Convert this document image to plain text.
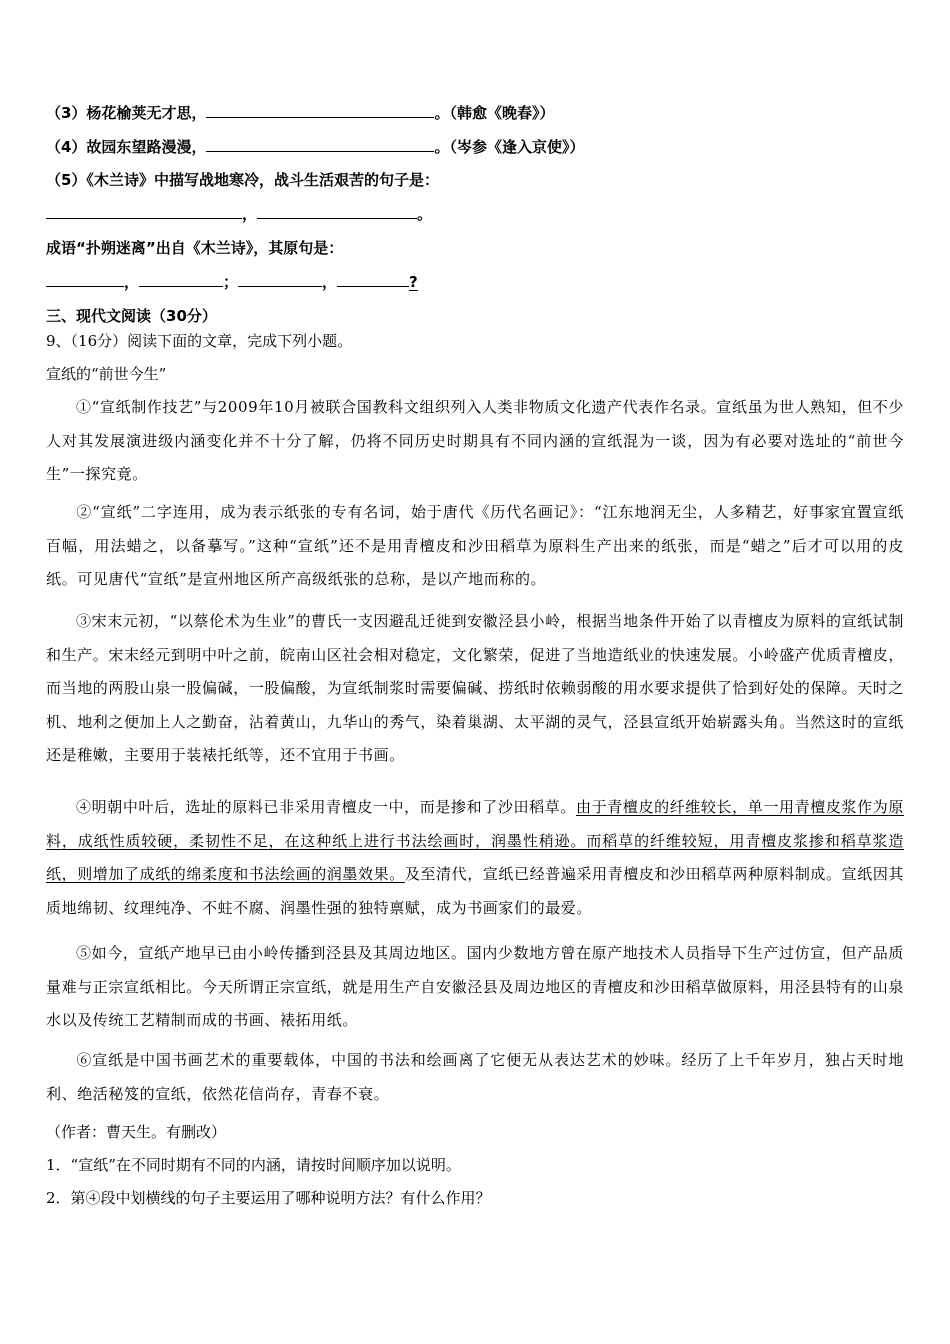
（3）杨花榆荚无才思，	。（韩愈《晚春》）
（4）故园东望路漫漫，	。（岑参《逢入京使》）
（5）《木兰诗》中描写战地寒冷，战斗生活艰苦的句子是：
，	。
成语“扑朔迷离”出自《木兰诗》，其原句是：
，	；	，	?
三、现代文阅读（30分）
9、（16分）阅读下面的文章，完成下列小题。
宣纸的“前世今生”
①“宣纸制作技艺”与2009年10月被联合国教科文组织列入人类非物质文化遗产代表作名录。宣纸虽为世人熟知，但不少人对其发展演进级内涵变化并不十分了解，仍将不同历史时期具有不同内涵的宣纸混为一谈，因为有必要对选址的“前世今生”一探究竟。
②“宣纸”二字连用，成为表示纸张的专有名词，始于唐代《历代名画记》：“江东地润无尘，人多精艺，好事家宜置宣纸百幅，用法蜡之，以备摹写。”这种“宣纸”还不是用青檀皮和沙田稻草为原料生产出来的纸张，而是“蜡之”后才可以用的皮纸。可见唐代“宣纸”是宣州地区所产高级纸张的总称，是以产地而称的。
③宋末元初，“以蔡伦术为生业”的曹氏一支因避乱迁徙到安徽泾县小岭，根据当地条件开始了以青檀皮为原料的宣纸试制和生产。宋末经元到明中叶之前，皖南山区社会相对稳定，文化繁荣，促进了当地造纸业的快速发展。小岭盛产优质青檀皮，而当地的两股山泉一股偏碱，一股偏酸，为宣纸制浆时需要偏碱、捞纸时依赖弱酸的用水要求提供了恰到好处的保障。天时之机、地利之便加上人之勤奋，沾着黄山，九华山的秀气，染着巢湖、太平湖的灵气，泾县宣纸开始崭露头角。当然这时的宣纸还是稚嫩，主要用于装裱托纸等，还不宜用于书画。
④明朝中叶后，选址的原料已非采用青檀皮一中，而是掺和了沙田稻草。由于青檀皮的纤维较长，单一用青檀皮浆作为原料，成纸性质较硬，柔韧性不足，在这种纸上进行书法绘画时，润墨性稍逊。而稻草的纤维较短，用青檀皮浆掺和稻草浆造纸，则增加了成纸的绵柔度和书法绘画的润墨效果。及至清代，宣纸已经普遍采用青檀皮和沙田稻草两种原料制成。宣纸因其质地绵韧、纹理纯净、不蛀不腐、润墨性强的独特禀赋，成为书画家们的最爱。
⑤如今，宣纸产地早已由小岭传播到泾县及其周边地区。国内少数地方曾在原产地技术人员指导下生产过仿宣，但产品质量难与正宗宣纸相比。今天所谓正宗宣纸，就是用生产自安徽泾县及周边地区的青檀皮和沙田稻草做原料，用泾县特有的山泉水以及传统工艺精制而成的书画、裱拓用纸。
⑥宣纸是中国书画艺术的重要载体，中国的书法和绘画离了它便无从表达艺术的妙味。经历了上千年岁月，独占天时地利、绝活秘笈的宣纸，依然花信尚存，青春不衰。
（作者：曹天生。有删改）
1．“宣纸”在不同时期有不同的内涵，请按时间顺序加以说明。
2．第④段中划横线的句子主要运用了哪种说明方法？有什么作用？
